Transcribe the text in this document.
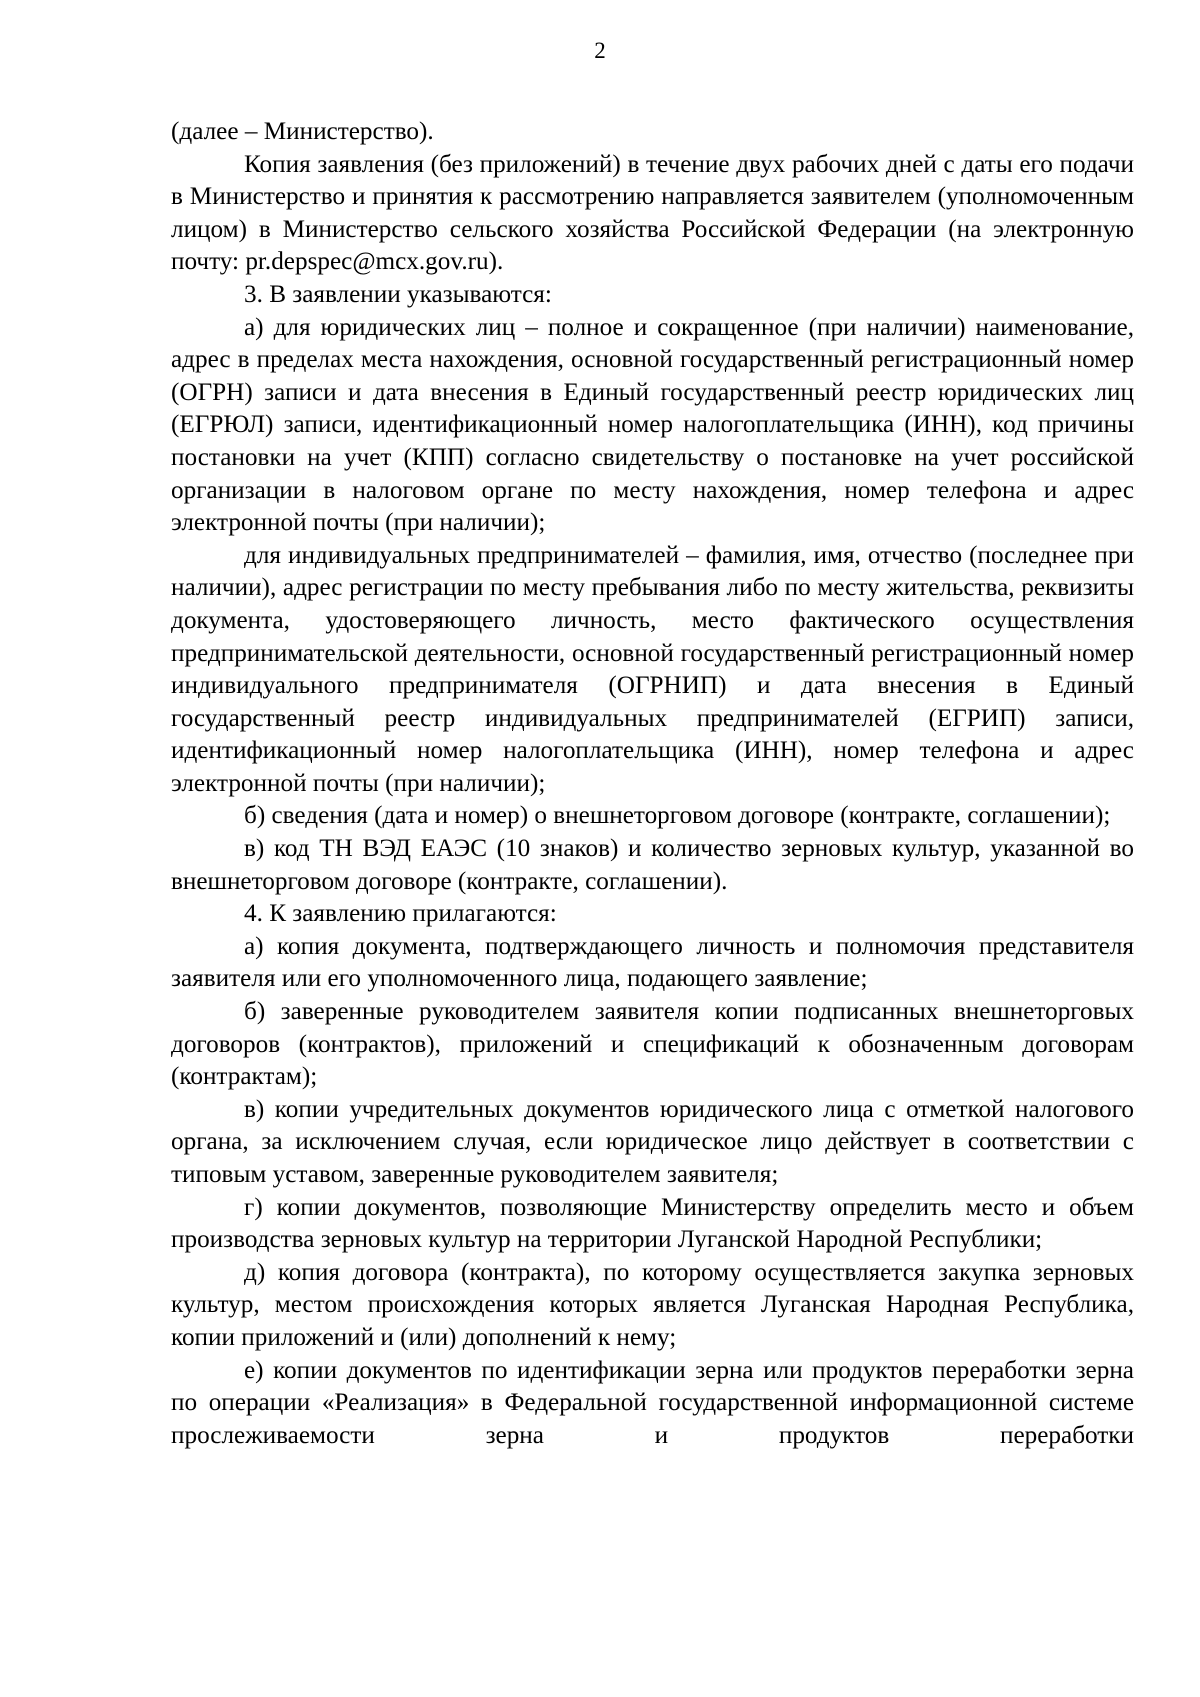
2

(далее – Министерство).

Копия заявления (без приложений) в течение двух рабочих дней с даты его подачи в Министерство и принятия к рассмотрению направляется заявителем (уполномоченным лицом) в Министерство сельского хозяйства Российской Федерации (на электронную почту: pr.depspec@mcx.gov.ru).

3. В заявлении указываются:

а) для юридических лиц – полное и сокращенное (при наличии) наименование, адрес в пределах места нахождения, основной государственный регистрационный номер (ОГРН) записи и дата внесения в Единый государственный реестр юридических лиц (ЕГРЮЛ) записи, идентификационный номер налогоплательщика (ИНН), код причины постановки на учет (КПП) согласно свидетельству о постановке на учет российской организации в налоговом органе по месту нахождения, номер телефона и адрес электронной почты (при наличии);

для индивидуальных предпринимателей – фамилия, имя, отчество (последнее при наличии), адрес регистрации по месту пребывания либо по месту жительства, реквизиты документа, удостоверяющего личность, место фактического осуществления предпринимательской деятельности, основной государственный регистрационный номер индивидуального предпринимателя (ОГРНИП) и дата внесения в Единый государственный реестр индивидуальных предпринимателей (ЕГРИП) записи, идентификационный номер налогоплательщика (ИНН), номер телефона и адрес электронной почты (при наличии);

б) сведения (дата и номер) о внешнеторговом договоре (контракте, соглашении);

в) код ТН ВЭД ЕАЭС (10 знаков) и количество зерновых культур, указанной во внешнеторговом договоре (контракте, соглашении).

4. К заявлению прилагаются:

а) копия документа, подтверждающего личность и полномочия представителя заявителя или его уполномоченного лица, подающего заявление;

б) заверенные руководителем заявителя копии подписанных внешнеторговых договоров (контрактов), приложений и спецификаций к обозначенным договорам (контрактам);

в) копии учредительных документов юридического лица с отметкой налогового органа, за исключением случая, если юридическое лицо действует в соответствии с типовым уставом, заверенные руководителем заявителя;

г) копии документов, позволяющие Министерству определить место и объем производства зерновых культур на территории Луганской Народной Республики;

д) копия договора (контракта), по которому осуществляется закупка зерновых культур, местом происхождения которых является Луганская Народная Республика, копии приложений и (или) дополнений к нему;

е) копии документов по идентификации зерна или продуктов переработки зерна по операции «Реализация» в Федеральной государственной информационной системе прослеживаемости зерна и продуктов переработки
